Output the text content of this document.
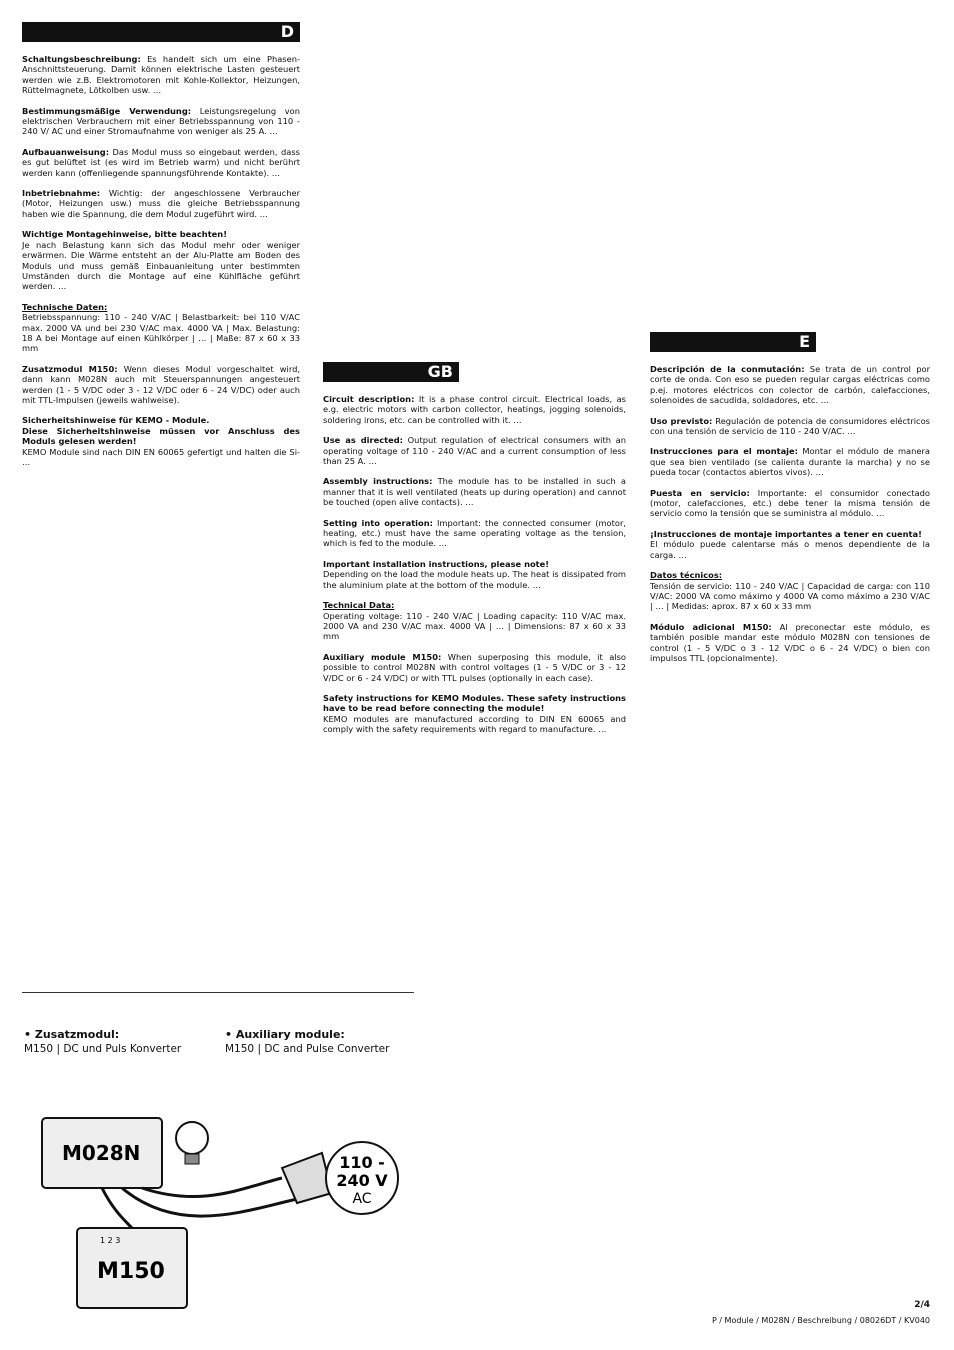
D

Schaltungsbeschreibung: Es handelt sich um eine Phasen-Anschnittsteuerung. Damit können elektrische Lasten gesteuert werden wie z.B. Elektromotoren mit Kohle-Kollektor, Heizungen, Rüttelmagnete, Lötkolben usw. …

Bestimmungsmäßige Verwendung: Leistungsregelung von elektrischen Verbrauchern mit einer Betriebsspannung von 110 - 240 V/ AC und einer Stromaufnahme von weniger als 25 A. …

Aufbauanweisung: Das Modul muss so eingebaut werden, dass es gut belüftet ist (es wird im Betrieb warm) und nicht berührt werden kann (offenliegende spannungsführende Kontakte). …

Inbetriebnahme: Wichtig: der angeschlossene Verbraucher (Motor, Heizungen usw.) muss die gleiche Betriebsspannung haben wie die Spannung, die dem Modul zugeführt wird. …

Wichtige Montagehinweise, bitte beachten!
Je nach Belastung kann sich das Modul mehr oder weniger erwärmen. Die Wärme entsteht an der Alu-Platte am Boden des Moduls und muss gemäß Einbauanleitung unter bestimmten Umständen durch die Montage auf eine Kühlfläche geführt werden. …

Technische Daten:
Betriebsspannung: 110 - 240 V/AC | Belastbarkeit: bei 110 V/AC max. 2000 VA und bei 230 V/AC max. 4000 VA | Max. Belastung: 18 A bei Montage auf einen Kühlkörper | … | Maße: 87 x 60 x 33 mm

Zusatzmodul M150: Wenn dieses Modul vorgeschaltet wird, dann kann M028N auch mit Steuerspannungen angesteuert werden (1 - 5 V/DC oder 3 - 12 V/DC oder 6 - 24 V/DC) oder auch mit TTL-Impulsen (jeweils wahlweise).

Sicherheitshinweise für KEMO - Module.
Diese Sicherheitshinweise müssen vor Anschluss des Moduls gelesen werden!
KEMO Module sind nach DIN EN 60065 gefertigt und halten die Si- …

GB

Circuit description: It is a phase control circuit. Electrical loads, as e.g. electric motors with carbon collector, heatings, jogging solenoids, soldering irons, etc. can be controlled with it. …

Use as directed: Output regulation of electrical consumers with an operating voltage of 110 - 240 V/AC and a current consumption of less than 25 A. …

Assembly instructions: The module has to be installed in such a manner that it is well ventilated (heats up during operation) and cannot be touched (open alive contacts). …

Setting into operation: Important: the connected consumer (motor, heating, etc.) must have the same operating voltage as the tension, which is fed to the module. …

Important installation instructions, please note!
Depending on the load the module heats up. The heat is dissipated from the aluminium plate at the bottom of the module. …

Technical Data:
Operating voltage: 110 - 240 V/AC | Loading capacity: 110 V/AC max. 2000 VA and 230 V/AC max. 4000 VA | … | Dimensions: 87 x 60 x 33 mm

Auxiliary module M150: When superposing this module, it also possible to control M028N with control voltages (1 - 5 V/DC or 3 - 12 V/DC or 6 - 24 V/DC) or with TTL pulses (optionally in each case).

Safety instructions for KEMO Modules. These safety instructions have to be read before connecting the module!
KEMO modules are manufactured according to DIN EN 60065 and comply with the safety requirements with regard to manufacture. …

E

Descripción de la conmutación: Se trata de un control por corte de onda. Con eso se pueden regular cargas eléctricas como p.ej. motores eléctricos con colector de carbón, calefacciones, solenoides de sacudida, soldadores, etc. …

Uso previsto: Regulación de potencia de consumidores eléctricos con una tensión de servicio de 110 - 240 V/AC. …

Instrucciones para el montaje: Montar el módulo de manera que sea bien ventilado (se calienta durante la marcha) y no se pueda tocar (contactos abiertos vivos). …

Puesta en servicio: Importante: el consumidor conectado (motor, calefacciones, etc.) debe tener la misma tensión de servicio como la tensión que se suministra al módulo. …

¡Instrucciones de montaje importantes a tener en cuenta!
El módulo puede calentarse más o menos dependiente de la carga. …

Datos técnicos:
Tensión de servicio: 110 - 240 V/AC | Capacidad de carga: con 110 V/AC: 2000 VA como máximo y 4000 VA como máximo a 230 V/AC | … | Medidas: aprox. 87 x 60 x 33 mm

Módulo adicional M150: Al preconectar este módulo, es también posible mandar este módulo M028N con tensiones de control (1 - 5 V/DC o 3 - 12 V/DC o 6 - 24 V/DC) o bien con impulsos TTL (opcionalmente).

• Zusatzmodul:
M150 | DC und Puls Konverter
• Auxiliary module:
M150 | DC and Pulse Converter
M028N
M150
1 2 3
110 -
240 V
AC
2/4
P / Module / M028N / Beschreibung / 08026DT / KV040
